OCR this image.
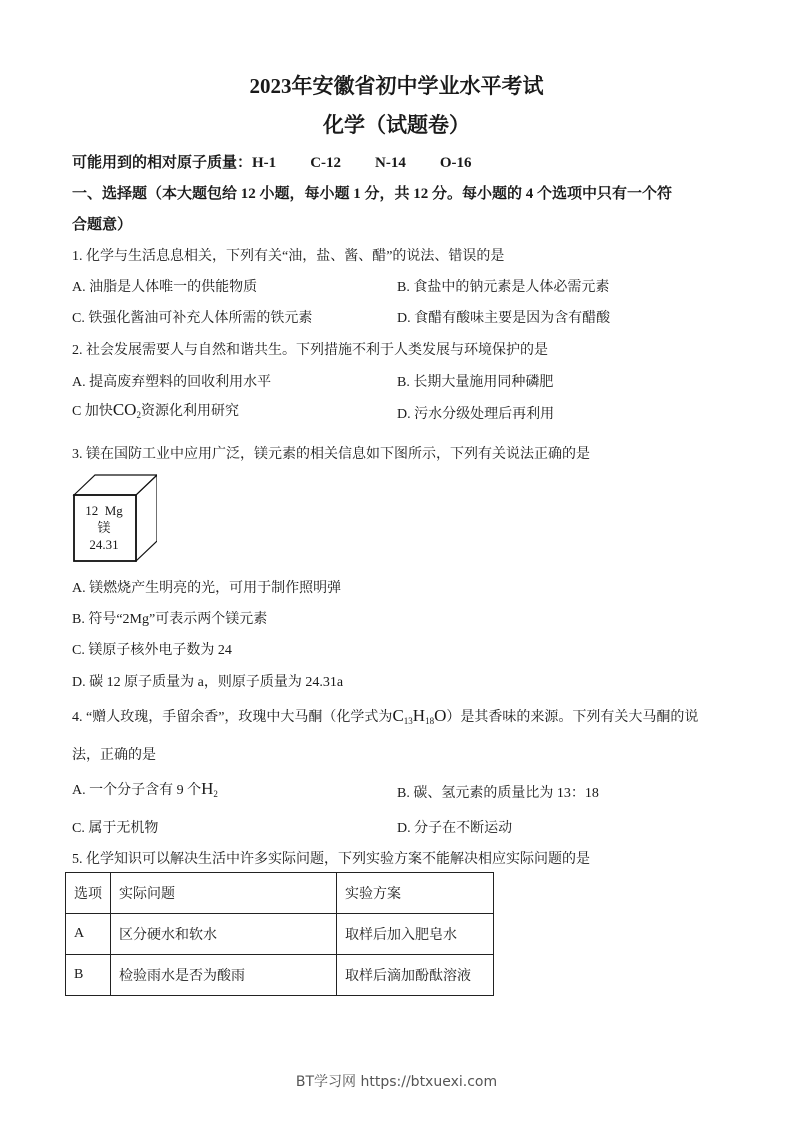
2023年安徽省初中学业水平考试
化学（试题卷）
可能用到的相对原子质量：H-1 C-12 N-14 O-16
一、选择题（本大题包给 12 小题，每小题 1 分，共 12 分。每小题的 4 个选项中只有一个符
合题意）
1. 化学与生活息息相关，下列有关“油，盐、酱、醋”的说法、错误的是
A. 油脂是人体唯一的供能物质	B. 食盐中的钠元素是人体必需元素
C. 铁强化酱油可补充人体所需的铁元素	D. 食醋有酸味主要是因为含有醋酸
2. 社会发展需要人与自然和谐共生。下列措施不利于人类发展与环境保护的是
A. 提高废弃塑料的回收利用水平	B. 长期大量施用同种磷肥
C 加快$CO_2$资源化利用研究	D. 污水分级处理后再利用
3. 镁在国防工业中应用广泛，镁元素的相关信息如下图所示，下列有关说法正确的是
12 Mg
镁
24.31
A. 镁燃烧产生明亮的光，可用于制作照明弹
B. 符号“2Mg”可表示两个镁元素
C. 镁原子核外电子数为 24
D. 碳 12 原子质量为 a，则原子质量为 24.31a
4. “赠人玫瑰，手留余香”，玫瑰中大马酮（化学式为$C_{13}H_{18}O$）是其香味的来源。下列有关大马酮的说
法，正确的是
A. 一个分子含有 9 个$H_2$	B. 碳、氢元素的质量比为 13：18
C. 属于无机物	D. 分子在不断运动
5. 化学知识可以解决生活中许多实际问题，下列实验方案不能解决相应实际问题的是
选项	实际问题	实验方案
A	区分硬水和软水	取样后加入肥皂水
B	检验雨水是否为酸雨	取样后滴加酚酞溶液
BT学习网 https://btxuexi.com
